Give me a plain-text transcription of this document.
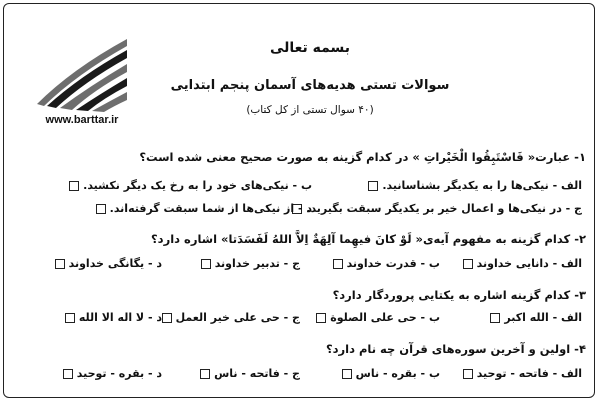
www.barttar.ir
بسمه تعالی
سوالات تستی هدیه‌های آسمان پنجم ابتدایی
(۴۰ سوال تستی از کل کتاب)
۱- عبارت« فَاسْتَبِقُوا الْخَیْراتِ » در کدام گزینه به صورت صحیح معنی شده است؟
الف - نیکی‌ها را به یکدیگر بشناسانید.
ب - نیکی‌های خود را به رخ یک دیگر نکشید.
ج - در نیکی‌ها و اعمال خیر بر یکدیگر سبقت بگیرید.
د - از نیکی‌ها از شما سبقت گرفته‌اند.
۲- کدام گزینه به مفهوم آیه‌ی« لَوْ کانَ فیهِما آلِهَةٌ اِلاَّ اللهُ لَفَسَدَتا» اشاره دارد؟
الف - دانایی خداوند
ب - قدرت خداوند
ج - تدبیر خداوند
د - یگانگی خداوند
۳- کدام گزینه اشاره به یکتایی پروردگار دارد؟
الف - الله اکبر
ب - حی علی الصلوة
ج - حی علی خیر العمل
د - لا اله الا الله
۴- اولین و آخرین سوره‌های قرآن چه نام دارد؟
الف - فاتحه - توحید
ب - بقره - ناس
ج - فاتحه - ناس
د - بقره - توحید
